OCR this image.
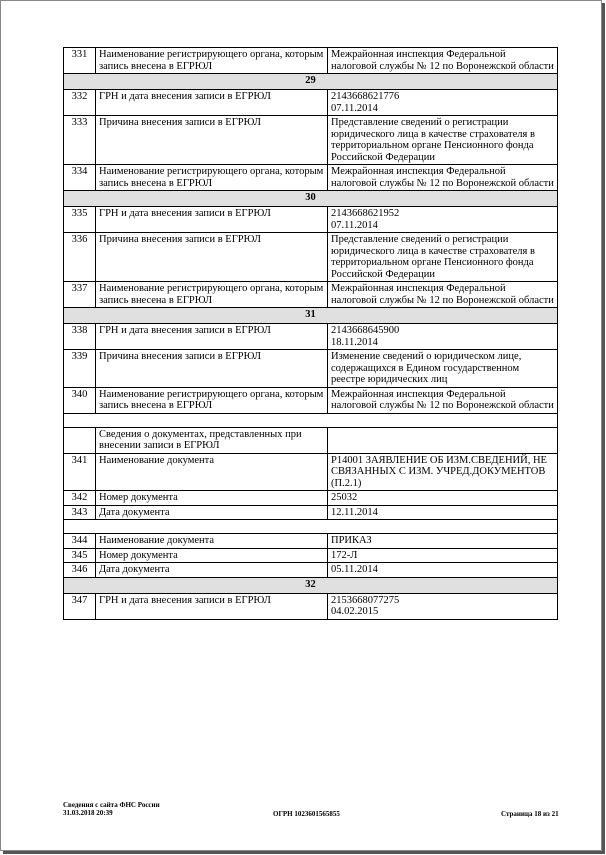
331	Наименование регистрирующего органа, которым запись внесена в ЕГРЮЛ	Межрайонная инспекция Федеральной налоговой службы № 12 по Воронежской области
29		
332	ГРН и дата внесения записи в ЕГРЮЛ	2143668621776
07.11.2014
333	Причина внесения записи в ЕГРЮЛ	Представление сведений о регистрации юридического лица в качестве страхователя в территориальном органе Пенсионного фонда Российской Федерации
334	Наименование регистрирующего органа, которым запись внесена в ЕГРЮЛ	Межрайонная инспекция Федеральной налоговой службы № 12 по Воронежской области
30		
335	ГРН и дата внесения записи в ЕГРЮЛ	2143668621952
07.11.2014
336	Причина внесения записи в ЕГРЮЛ	Представление сведений о регистрации юридического лица в качестве страхователя в территориальном органе Пенсионного фонда Российской Федерации
337	Наименование регистрирующего органа, которым запись внесена в ЕГРЮЛ	Межрайонная инспекция Федеральной налоговой службы № 12 по Воронежской области
31		
338	ГРН и дата внесения записи в ЕГРЮЛ	2143668645900
18.11.2014
339	Причина внесения записи в ЕГРЮЛ	Изменение сведений о юридическом лице, содержащихся в Едином государственном реестре юридических лиц
340	Наименование регистрирующего органа, которым запись внесена в ЕГРЮЛ	Межрайонная инспекция Федеральной налоговой службы № 12 по Воронежской области

	Сведения о документах, представленных при внесении записи в ЕГРЮЛ	
341	Наименование документа	Р14001 ЗАЯВЛЕНИЕ ОБ ИЗМ.СВЕДЕНИЙ, НЕ СВЯЗАННЫХ С ИЗМ. УЧРЕД.ДОКУМЕНТОВ (П.2.1)
342	Номер документа	25032
343	Дата документа	12.11.2014

344	Наименование документа	ПРИКАЗ
345	Номер документа	172-Л
346	Дата документа	05.11.2014
32		
347	ГРН и дата внесения записи в ЕГРЮЛ	2153668077275
04.02.2015
Сведения с сайта ФНС России
31.03.2018 20:39	ОГРН 1023601565855	Страница 18 из 21
